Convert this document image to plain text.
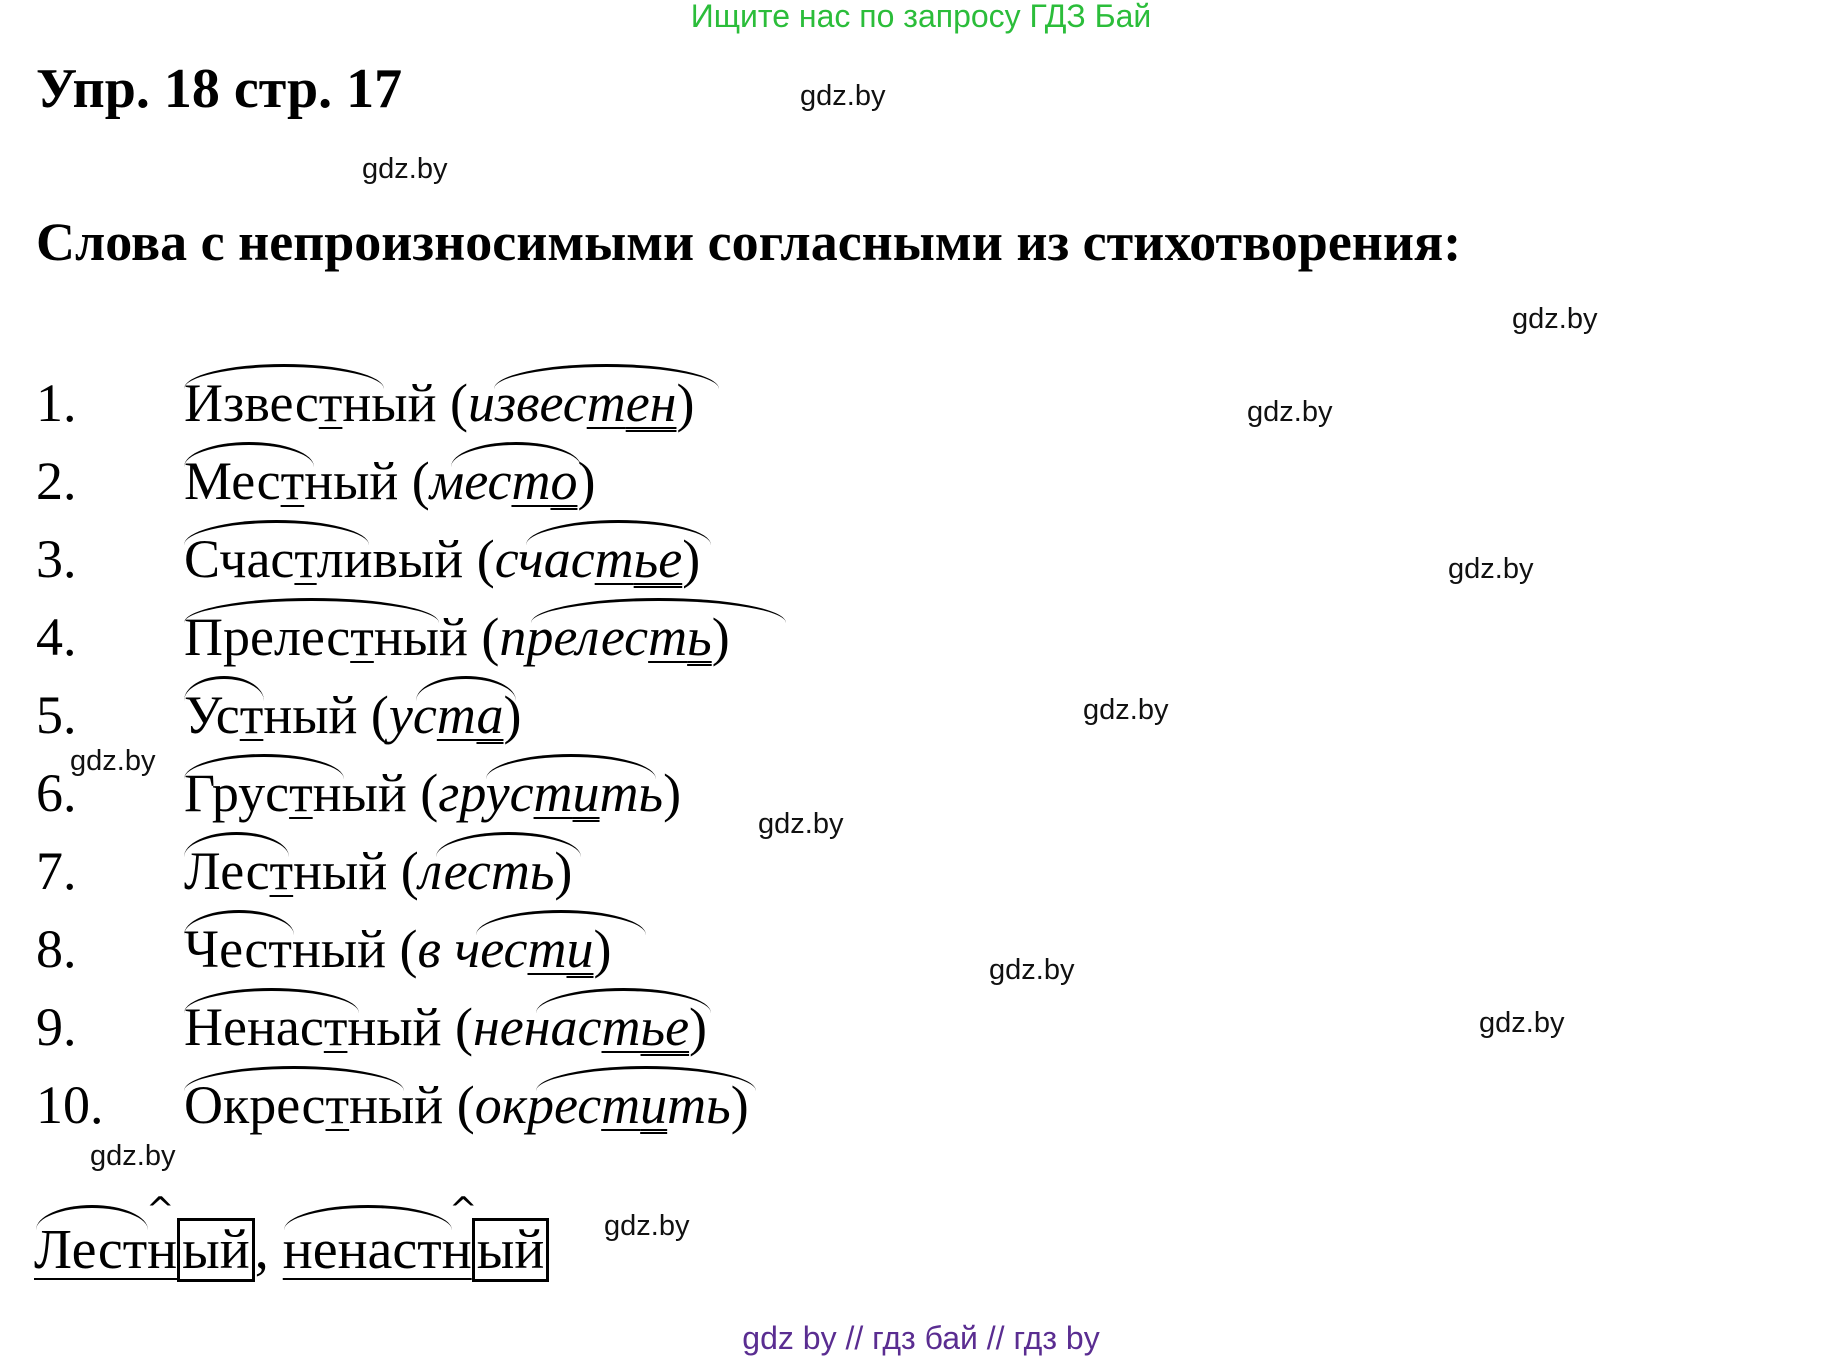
Ищите нас по запросу ГДЗ Бай
Упр. 18 стр. 17
Слова с непроизносимыми согласными из стихотворения:
gdz.by
gdz.by
gdz.by
gdz.by
gdz.by
gdz.by
gdz.by
gdz.by
gdz.by
gdz.by
gdz.by
gdz.by
1. Известный (известен)
2. Местный (место)
3. Счастливый (счастье)
4. Прелестный (прелесть)
5. Устный (уста)
6. Грустный (грустить)
7. Лестный (лесть)
8. Честный (в чести)
9. Ненастный (ненастье)
10. Окрестный (окрестить)
Лестный, ненастный
^	^
gdz by // гдз бай // гдз by
